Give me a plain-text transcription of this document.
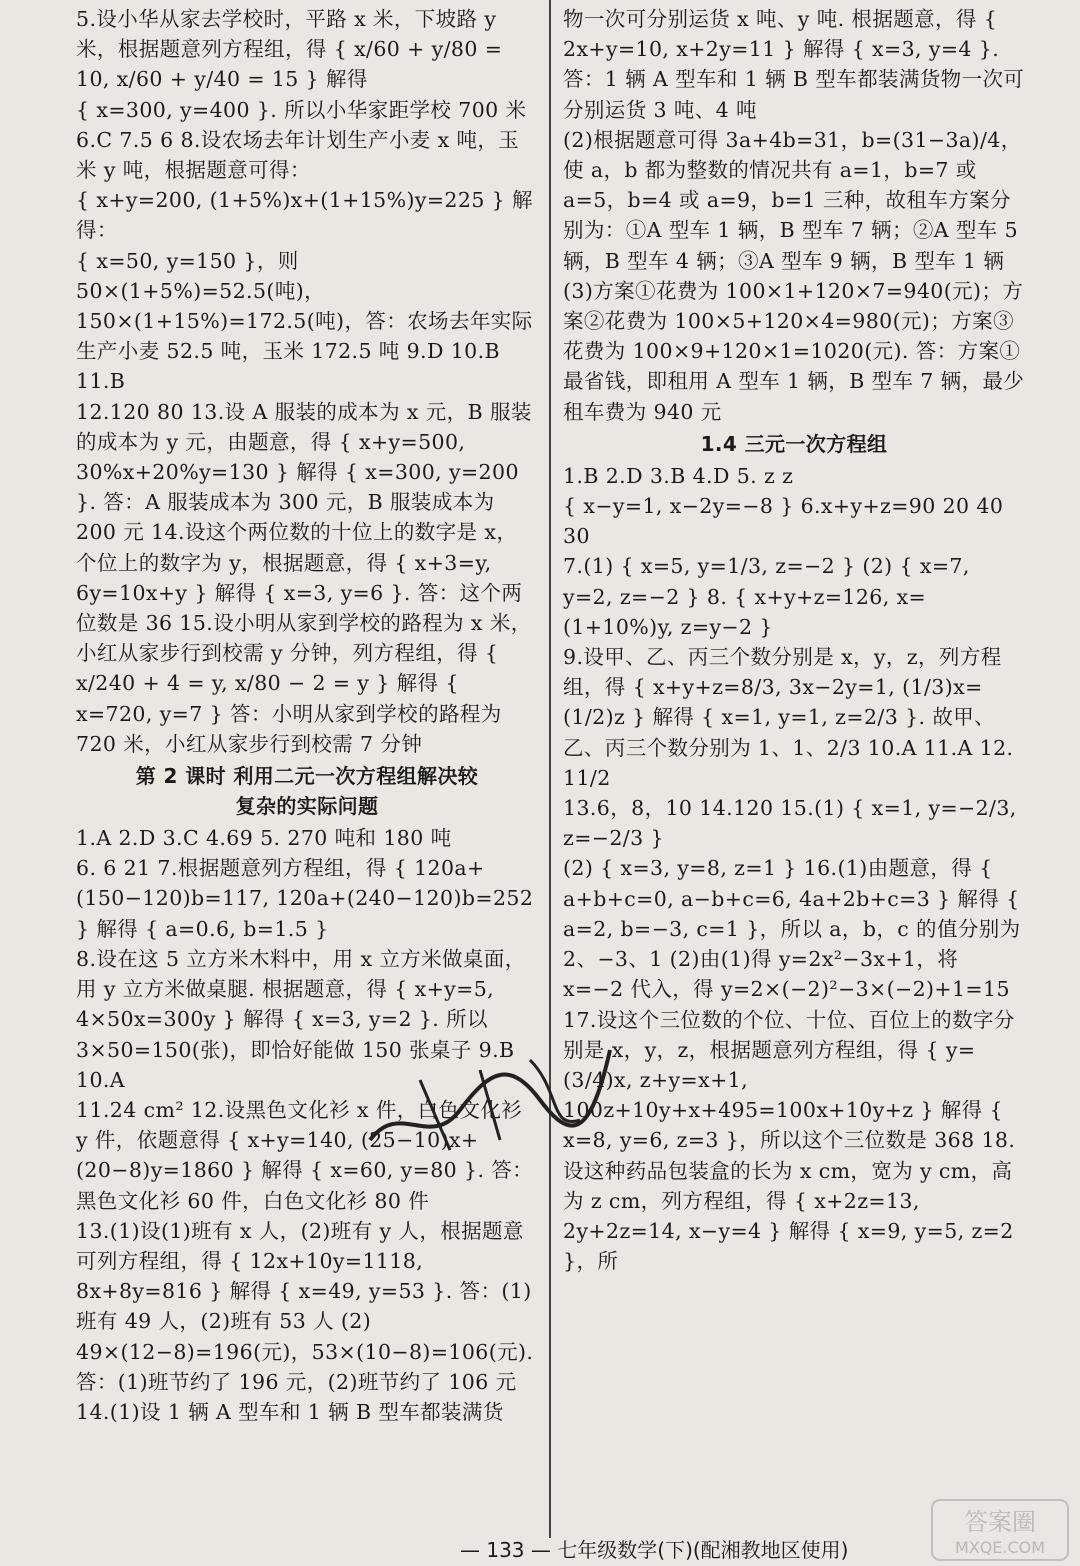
5.设小华从家去学校时，平路 x 米，下坡路 y 米，根据题意列方程组，得 { x/60 + y/80 = 10, x/60 + y/40 = 15 } 解得

{ x=300, y=400 }. 所以小华家距学校 700 米 6.C 7.5 6 8.设农场去年计划生产小麦 x 吨，玉米 y 吨，根据题意可得：

{ x+y=200, (1+5%)x+(1+15%)y=225 } 解得：

{ x=50, y=150 }，则 50×(1+5%)=52.5(吨)，150×(1+15%)=172.5(吨)，答：农场去年实际生产小麦 52.5 吨，玉米 172.5 吨 9.D 10.B 11.B

12.120 80 13.设 A 服装的成本为 x 元，B 服装的成本为 y 元，由题意，得 { x+y=500, 30%x+20%y=130 } 解得 { x=300, y=200 }. 答：A 服装成本为 300 元，B 服装成本为 200 元 14.设这个两位数的十位上的数字是 x，个位上的数字为 y，根据题意，得 { x+3=y, 6y=10x+y } 解得 { x=3, y=6 }. 答：这个两位数是 36 15.设小明从家到学校的路程为 x 米，小红从家步行到校需 y 分钟，列方程组，得 { x/240 + 4 = y, x/80 − 2 = y } 解得 { x=720, y=7 } 答：小明从家到学校的路程为 720 米，小红从家步行到校需 7 分钟

第 2 课时 利用二元一次方程组解决较
复杂的实际问题

1.A 2.D 3.C 4.69 5. 270 吨和 180 吨

6. 6 21 7.根据题意列方程组，得 { 120a+(150−120)b=117, 120a+(240−120)b=252 } 解得 { a=0.6, b=1.5 }

8.设在这 5 立方米木料中，用 x 立方米做桌面，用 y 立方米做桌腿. 根据题意，得 { x+y=5, 4×50x=300y } 解得 { x=3, y=2 }. 所以 3×50=150(张)，即恰好能做 150 张桌子 9.B 10.A

11.24 cm² 12.设黑色文化衫 x 件，白色文化衫 y 件，依题意得 { x+y=140, (25−10)x+(20−8)y=1860 } 解得 { x=60, y=80 }. 答：黑色文化衫 60 件，白色文化衫 80 件

13.(1)设(1)班有 x 人，(2)班有 y 人，根据题意可列方程组，得 { 12x+10y=1118, 8x+8y=816 } 解得 { x=49, y=53 }. 答：(1)班有 49 人，(2)班有 53 人 (2) 49×(12−8)=196(元)，53×(10−8)=106(元). 答：(1)班节约了 196 元，(2)班节约了 106 元 14.(1)设 1 辆 A 型车和 1 辆 B 型车都装满货

物一次可分别运货 x 吨、y 吨. 根据题意，得 { 2x+y=10, x+2y=11 } 解得 { x=3, y=4 }. 答：1 辆 A 型车和 1 辆 B 型车都装满货物一次可分别运货 3 吨、4 吨

(2)根据题意可得 3a+4b=31，b=(31−3a)/4，使 a，b 都为整数的情况共有 a=1，b=7 或 a=5，b=4 或 a=9，b=1 三种，故租车方案分别为：①A 型车 1 辆，B 型车 7 辆；②A 型车 5 辆，B 型车 4 辆；③A 型车 9 辆，B 型车 1 辆 (3)方案①花费为 100×1+120×7=940(元)；方案②花费为 100×5+120×4=980(元)；方案③花费为 100×9+120×1=1020(元). 答：方案①最省钱，即租用 A 型车 1 辆，B 型车 7 辆，最少租车费为 940 元

1.4 三元一次方程组

1.B 2.D 3.B 4.D 5. z z

{ x−y=1, x−2y=−8 } 6.x+y+z=90 20 40 30

7.(1) { x=5, y=1/3, z=−2 } (2) { x=7, y=2, z=−2 } 8. { x+y+z=126, x=(1+10%)y, z=y−2 }

9.设甲、乙、丙三个数分别是 x，y，z，列方程组，得 { x+y+z=8/3, 3x−2y=1, (1/3)x=(1/2)z } 解得 { x=1, y=1, z=2/3 }. 故甲、乙、丙三个数分别为 1、1、2/3 10.A 11.A 12. 11/2

13.6，8，10 14.120 15.(1) { x=1, y=−2/3, z=−2/3 }

(2) { x=3, y=8, z=1 } 16.(1)由题意，得 { a+b+c=0, a−b+c=6, 4a+2b+c=3 } 解得 { a=2, b=−3, c=1 }，所以 a，b，c 的值分别为 2、−3、1 (2)由(1)得 y=2x²−3x+1，将 x=−2 代入，得 y=2×(−2)²−3×(−2)+1=15 17.设这个三位数的个位、十位、百位上的数字分别是 x，y，z，根据题意列方程组，得 { y=(3/4)x, z+y=x+1, 100z+10y+x+495=100x+10y+z } 解得 { x=8, y=6, z=3 }，所以这个三位数是 368 18.设这种药品包装盒的长为 x cm，宽为 y cm，高为 z cm，列方程组，得 { x+2z=13, 2y+2z=14, x−y=4 } 解得 { x=9, y=5, z=2 }，所

— 133 — 七年级数学(下)(配湘教地区使用)
答案圈
MXQE.COM
